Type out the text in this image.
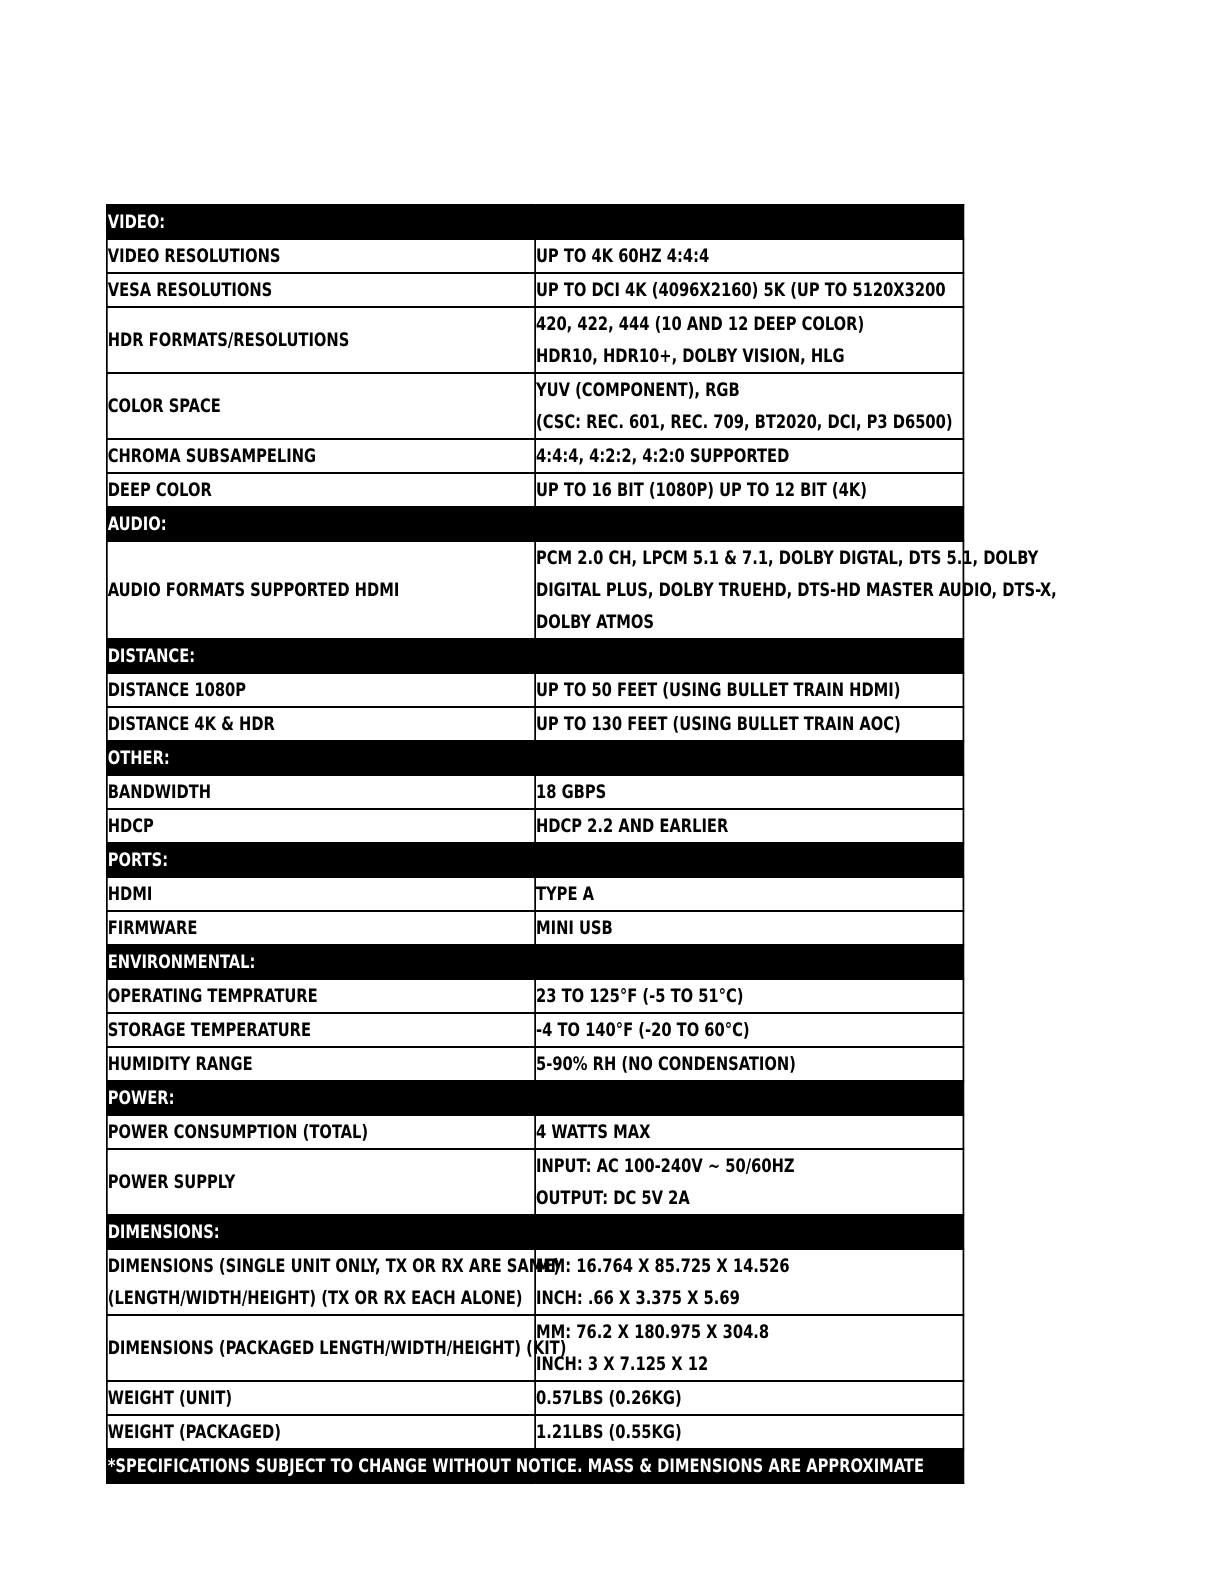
VIDEO:	

VIDEO RESOLUTIONS	UP TO 4K 60HZ 4:4:4

VESA RESOLUTIONS	UP TO DCI 4K (4096X2160) 5K (UP TO 5120X3200

HDR FORMATS/RESOLUTIONS	420, 422, 444 (10 AND 12 DEEP COLOR)
HDR10, HDR10+, DOLBY VISION, HLG

COLOR SPACE	YUV (COMPONENT), RGB
(CSC: REC. 601, REC. 709, BT2020, DCI, P3 D6500)

CHROMA SUBSAMPELING	4:4:4, 4:2:2, 4:2:0 SUPPORTED

DEEP COLOR	UP TO 16 BIT (1080P) UP TO 12 BIT (4K)

AUDIO:	

AUDIO FORMATS SUPPORTED HDMI	PCM 2.0 CH, LPCM 5.1 & 7.1, DOLBY DIGTAL, DTS 5.1, DOLBY
DIGITAL PLUS, DOLBY TRUEHD, DTS-HD MASTER AUDIO, DTS-X,
DOLBY ATMOS

DISTANCE:	

DISTANCE 1080P	UP TO 50 FEET (USING BULLET TRAIN HDMI)

DISTANCE 4K & HDR	UP TO 130 FEET (USING BULLET TRAIN AOC)

OTHER:	

BANDWIDTH	18 GBPS

HDCP	HDCP 2.2 AND EARLIER

PORTS:	

HDMI	TYPE A

FIRMWARE	MINI USB

ENVIRONMENTAL:	

OPERATING TEMPRATURE	23 TO 125°F (-5 TO 51°C)

STORAGE TEMPERATURE	-4 TO 140°F (-20 TO 60°C)

HUMIDITY RANGE	5-90% RH (NO CONDENSATION)

POWER:	

POWER CONSUMPTION (TOTAL)	4 WATTS MAX

POWER SUPPLY	INPUT: AC 100-240V ~ 50/60HZ
OUTPUT: DC 5V 2A

DIMENSIONS:	

DIMENSIONS (SINGLE UNIT ONLY, TX OR RX ARE SAME)
(LENGTH/WIDTH/HEIGHT) (TX OR RX EACH ALONE)	MM: 16.764 X 85.725 X 14.526
INCH: .66 X 3.375 X 5.69

DIMENSIONS (PACKAGED LENGTH/WIDTH/HEIGHT) (KIT)	MM: 76.2 X 180.975 X 304.8
INCH: 3 X 7.125 X 12

WEIGHT (UNIT)	0.57LBS (0.26KG)

WEIGHT (PACKAGED)	1.21LBS (0.55KG)

*SPECIFICATIONS SUBJECT TO CHANGE WITHOUT NOTICE. MASS & DIMENSIONS ARE APPROXIMATE	
